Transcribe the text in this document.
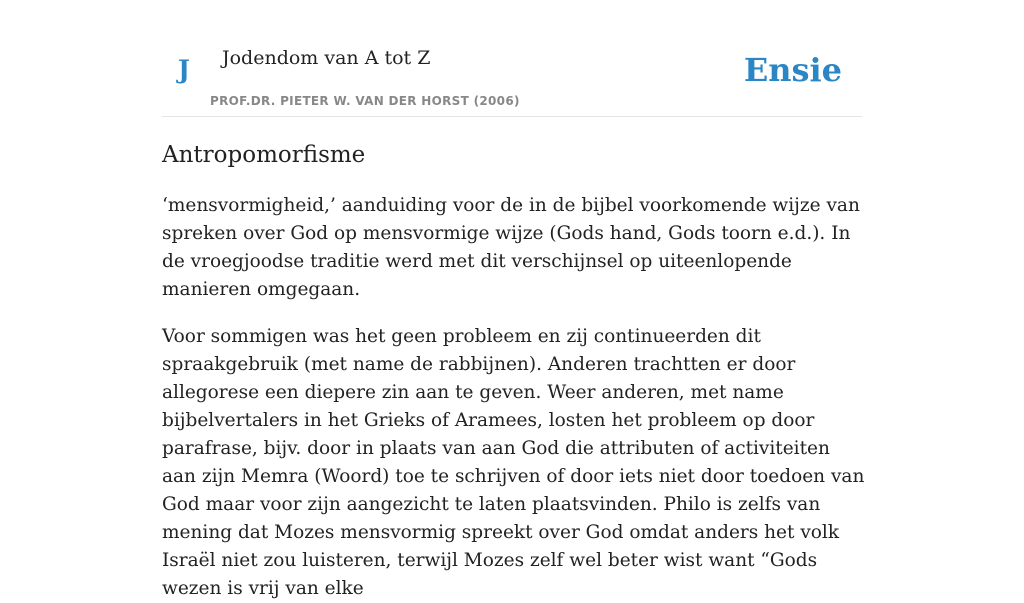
J Jodendom van A tot Z
PROF.DR. PIETER W. VAN DER HORST (2006)
Ensie
Antropomorfisme

‘mensvormigheid,’ aanduiding voor de in de bijbel voorkomende wijze van spreken over God op mensvormige wijze (Gods hand, Gods toorn e.d.). In de vroegjoodse traditie werd met dit verschijnsel op uiteenlopende manieren omgegaan.

Voor sommigen was het geen probleem en zij continueerden dit spraakgebruik (met name de rabbijnen). Anderen trachtten er door allegorese een diepere zin aan te geven. Weer anderen, met name bijbelvertalers in het Grieks of Aramees, losten het probleem op door parafrase, bijv. door in plaats van aan God die attributen of activiteiten aan zijn Memra (Woord) toe te schrijven of door iets niet door toedoen van God maar voor zijn aangezicht te laten plaatsvinden. Philo is zelfs van mening dat Mozes mensvormig spreekt over God omdat anders het volk Israël niet zou luisteren, terwijl Mozes zelf wel beter wist want “Gods wezen is vrij van elke
